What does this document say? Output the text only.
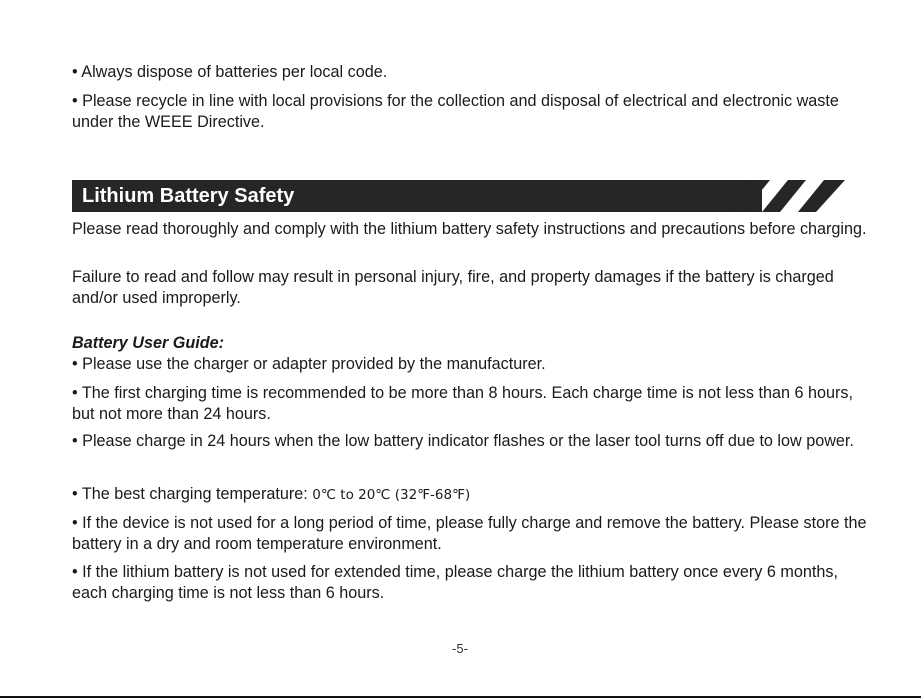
• Always dispose of batteries per local code.

• Please recycle in line with local provisions for the collection and disposal of electrical and electronic waste under the WEEE Directive.

Lithium Battery Safety

Please read thoroughly and comply with the lithium battery safety instructions and precautions before charging.

Failure to read and follow may result in personal injury, fire, and property damages if the battery is charged and/or used improperly.

Battery User Guide:

• Please use the charger or adapter provided by the manufacturer.

• The first charging time is recommended to be more than 8 hours. Each charge time is not less than 6 hours, but not more than 24 hours.

• Please charge in 24 hours when the low battery indicator flashes or the laser tool turns off due to low power.

• The best charging temperature: 0℃ to 20℃ (32℉-68℉)

• If the device is not used for a long period of time, please fully charge and remove the battery. Please store the battery in a dry and room temperature environment.

• If the lithium battery is not used for extended time, please charge the lithium battery once every 6 months, each charging time is not less than 6 hours.

-5-
